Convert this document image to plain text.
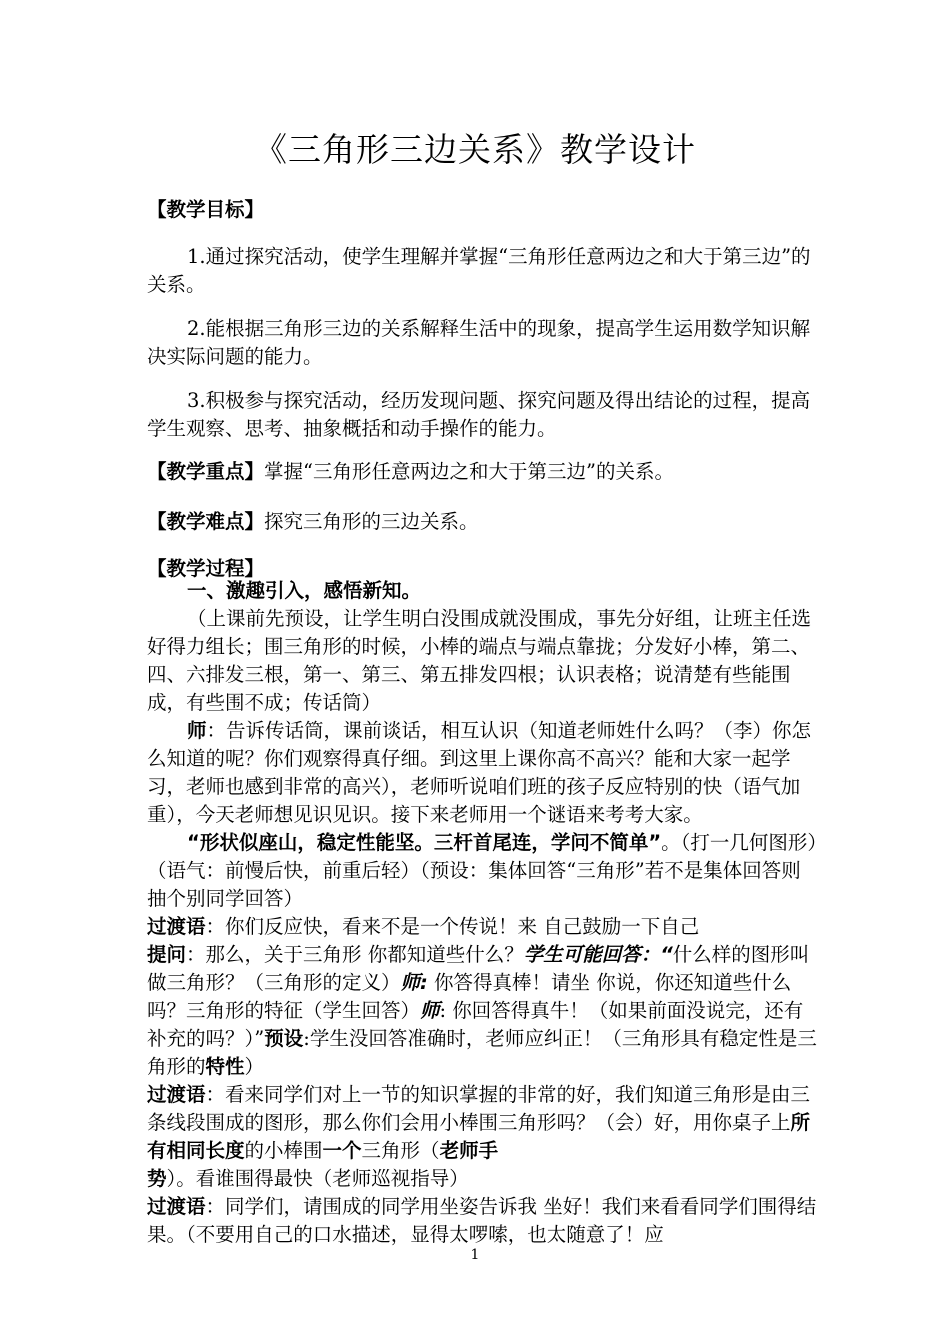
《三角形三边关系》教学设计
【教学目标】
1.通过探究活动，使学生理解并掌握“三角形任意两边之和大于第三边”的关系。
2.能根据三角形三边的关系解释生活中的现象，提高学生运用数学知识解决实际问题的能力。
3.积极参与探究活动，经历发现问题、探究问题及得出结论的过程，提高学生观察、思考、抽象概括和动手操作的能力。
【教学重点】掌握“三角形任意两边之和大于第三边”的关系。
【教学难点】探究三角形的三边关系。
【教学过程】
一、激趣引入，感悟新知。
（上课前先预设，让学生明白没围成就没围成，事先分好组，让班主任选好得力组长；围三角形的时候，小棒的端点与端点靠拢；分发好小棒，第二、四、六排发三根，第一、第三、第五排发四根；认识表格；说清楚有些能围成，有些围不成；传话筒）
师：告诉传话筒，课前谈话，相互认识（知道老师姓什么吗？（李）你怎么知道的呢？你们观察得真仔细。到这里上课你高不高兴？能和大家一起学习，老师也感到非常的高兴），老师听说咱们班的孩子反应特别的快（语气加重），今天老师想见识见识。接下来老师用一个谜语来考考大家。
“形状似座山，稳定性能坚。三杆首尾连，学问不简单”。（打一几何图形）（语气：前慢后快，前重后轻）（预设：集体回答“三角形”若不是集体回答则抽个别同学回答）
过渡语：你们反应快，看来不是一个传说！来 自己鼓励一下自己
提问：那么，关于三角形 你都知道些什么？学生可能回答：“什么样的图形叫做三角形？（三角形的定义）师: 你答得真棒！请坐 你说，你还知道些什么吗？三角形的特征（学生回答）师: 你回答得真牛！（如果前面没说完，还有补充的吗？）”预设:学生没回答准确时，老师应纠正！（三角形具有稳定性是三角形的特性）
过渡语：看来同学们对上一节的知识掌握的非常的好，我们知道三角形是由三条线段围成的图形，那么你们会用小棒围三角形吗？（会）好，用你桌子上所有相同长度的小棒围一个三角形（老师手势）。看谁围得最快（老师巡视指导）
过渡语：同学们，请围成的同学用坐姿告诉我 坐好！我们来看看同学们围得结果。（不要用自己的口水描述，显得太啰嗦，也太随意了！应
1
